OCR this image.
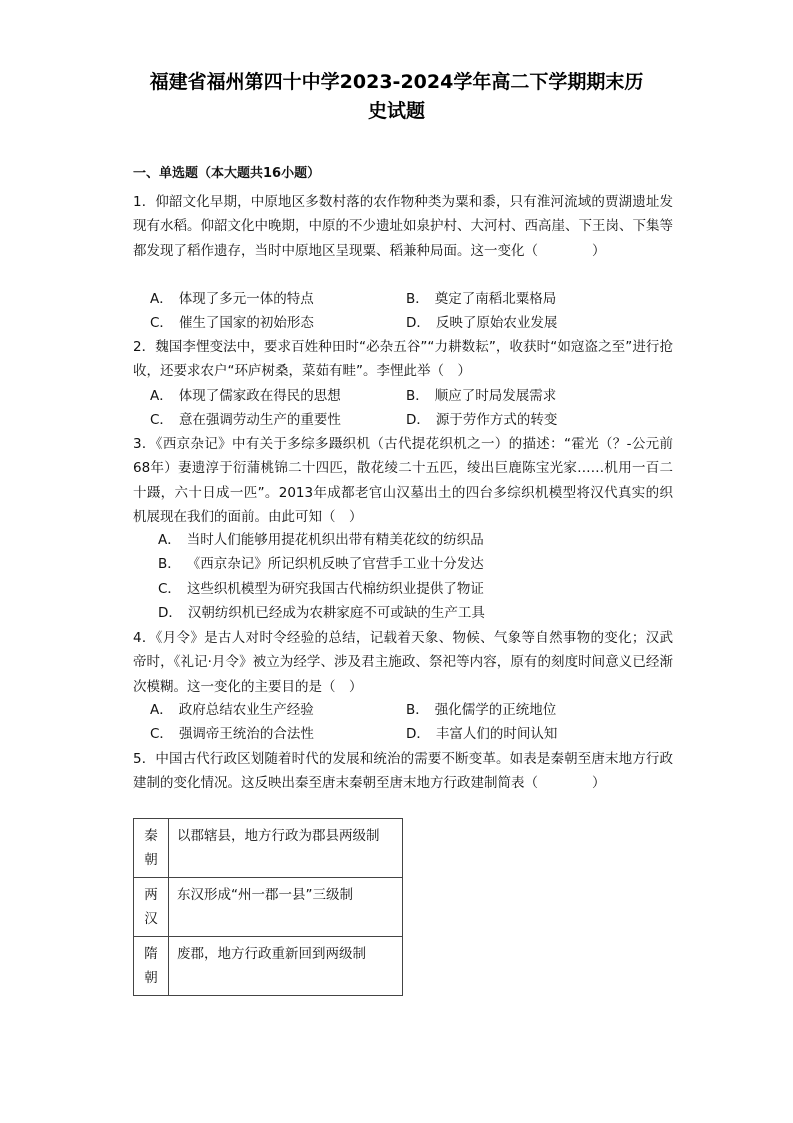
福建省福州第四十中学2023-2024学年高二下学期期末历
史试题
一、单选题（本大题共16小题）
1．仰韶文化早期，中原地区多数村落的农作物种类为粟和黍，只有淮河流域的贾湖遗址发现有水稻。仰韶文化中晚期，中原的不少遗址如泉护村、大河村、西高崖、下王岗、下集等都发现了稻作遗存，当时中原地区呈现粟、稻兼种局面。这一变化（　　　　）
A． 体现了多元一体的特点	B． 奠定了南稻北粟格局
C． 催生了国家的初始形态	D． 反映了原始农业发展
2．魏国李悝变法中，要求百姓种田时“必杂五谷”“力耕数耘”，收获时“如寇盗之至”进行抢收，还要求农户“环庐树桑，菜茹有畦”。李悝此举（　）
A． 体现了儒家政在得民的思想	B． 顺应了时局发展需求
C． 意在强调劳动生产的重要性	D． 源于劳作方式的转变
3．《西京杂记》中有关于多综多蹑织机（古代提花织机之一）的描述：“霍光（？-公元前68年）妻遗淳于衍蒲桃锦二十四匹，散花绫二十五匹，绫出巨鹿陈宝光家……机用一百二十蹑，六十日成一匹”。2013年成都老官山汉墓出土的四台多综织机模型将汉代真实的织机展现在我们的面前。由此可知（　）
A． 当时人们能够用提花机织出带有精美花纹的纺织品
B． 《西京杂记》所记织机反映了官营手工业十分发达
C． 这些织机模型为研究我国古代棉纺织业提供了物证
D． 汉朝纺织机已经成为农耕家庭不可或缺的生产工具
4．《月令》是古人对时令经验的总结，记载着天象、物候、气象等自然事物的变化；汉武帝时，《礼记·月令》被立为经学、涉及君主施政、祭祀等内容，原有的刻度时间意义已经渐次模糊。这一变化的主要目的是（　）
A． 政府总结农业生产经验	B． 强化儒学的正统地位
C． 强调帝王统治的合法性	D． 丰富人们的时间认知
5．中国古代行政区划随着时代的发展和统治的需要不断变革。如表是秦朝至唐末地方行政建制的变化情况。这反映出秦至唐末秦朝至唐末地方行政建制简表（　　　　）
秦朝	以郡辖县，地方行政为郡县两级制
两汉	东汉形成“州一郡一县”三级制
隋朝	废郡，地方行政重新回到两级制
